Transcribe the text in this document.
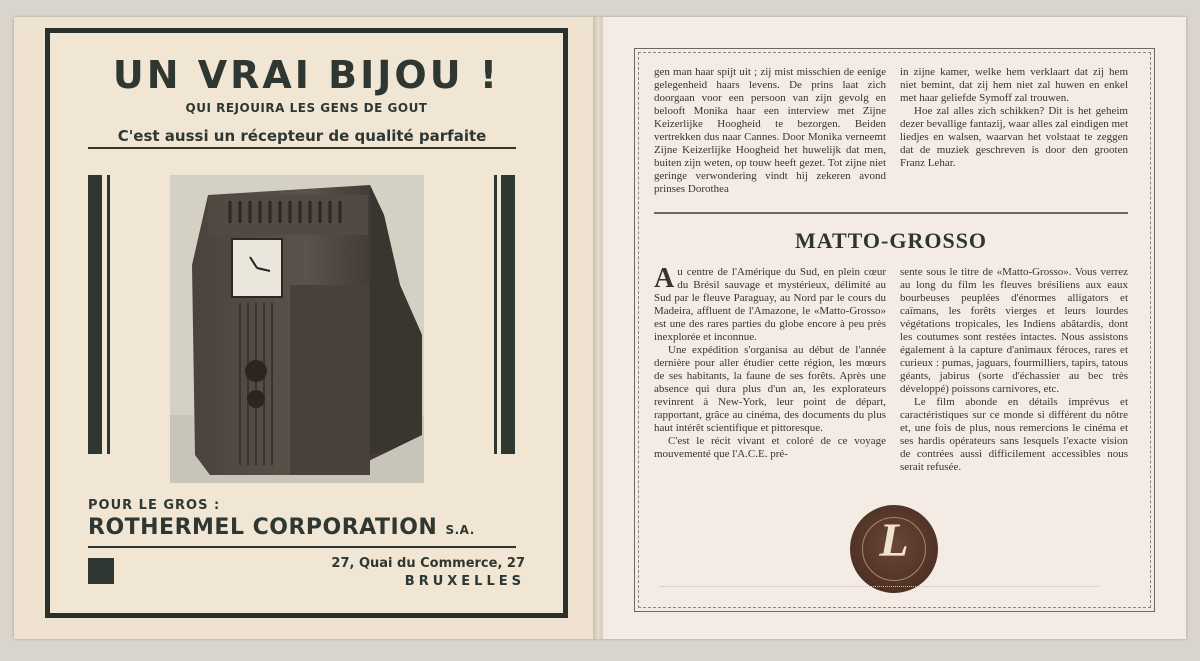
UN VRAI BIJOU !
QUI REJOUIRA LES GENS DE GOUT
C'est aussi un récepteur de qualité parfaite
POUR LE GROS :
ROTHERMEL CORPORATION S.A.
27, Quai du Commerce, 27
BRUXELLES

gen man haar spijt uit ; zij mist misschien de eenige gelegenheid haars levens. De prins laat zich doorgaan voor een persoon van zijn gevolg en belooft Monika haar een interview met Zijne Keizerlijke Hoogheid te bezorgen. Beiden vertrekken dus naar Cannes. Door Monika verneemt Zijne Keizerlijke Hoogheid het huwelijk dat men, buiten zijn weten, op touw heeft gezet. Tot zijne niet geringe verwondering vindt hij zekeren avond prinses Dorothea

in zijne kamer, welke hem verklaart dat zij hem niet bemint, dat zij hem niet zal huwen en enkel met haar geliefde Symoff zal trouwen.

Hoe zal alles zich schikken? Dit is het geheim dezer bevallige fantazij, waar alles zal eindigen met liedjes en walsen, waarvan het volstaat te zeggen dat de muziek geschreven is door den grooten Franz Lehar.

MATTO-GROSSO

Au centre de l'Amérique du Sud, en plein cœur du Brésil sauvage et mystérieux, délimité au Sud par le fleuve Paraguay, au Nord par le cours du Madeira, affluent de l'Amazone, le «Matto-Grosso» est une des rares parties du globe encore à peu près inexplorée et inconnue.

Une expédition s'organisa au début de l'année dernière pour aller étudier cette région, les mœurs de ses habitants, la faune de ses forêts. Après une absence qui dura plus d'un an, les explorateurs revinrent à New-York, leur point de départ, rapportant, grâce au cinéma, des documents du plus haut intérêt scientifique et pittoresque.

C'est le récit vivant et coloré de ce voyage mouvementé que l'A.C.E. pré-

sente sous le titre de «Matto-Grosso». Vous verrez au long du film les fleuves brésiliens aux eaux bourbeuses peuplées d'énormes alligators et caïmans, les forêts vierges et leurs lourdes végétations tropicales, les Indiens abâtardis, dont les coutumes sont restées intactes. Nous assistons également à la capture d'animaux féroces, rares et curieux : pumas, jaguars, fourmilliers, tapirs, tatous géants, jabirus (sorte d'échassier au bec très développé) poissons carnivores, etc.

Le film abonde en détails imprévus et caractéristiques sur ce monde si différent du nôtre et, une fois de plus, nous remercions le cinéma et ses hardis opérateurs sans lesquels l'exacte vision de contrées aussi difficilement accessibles nous serait refusée.

L
